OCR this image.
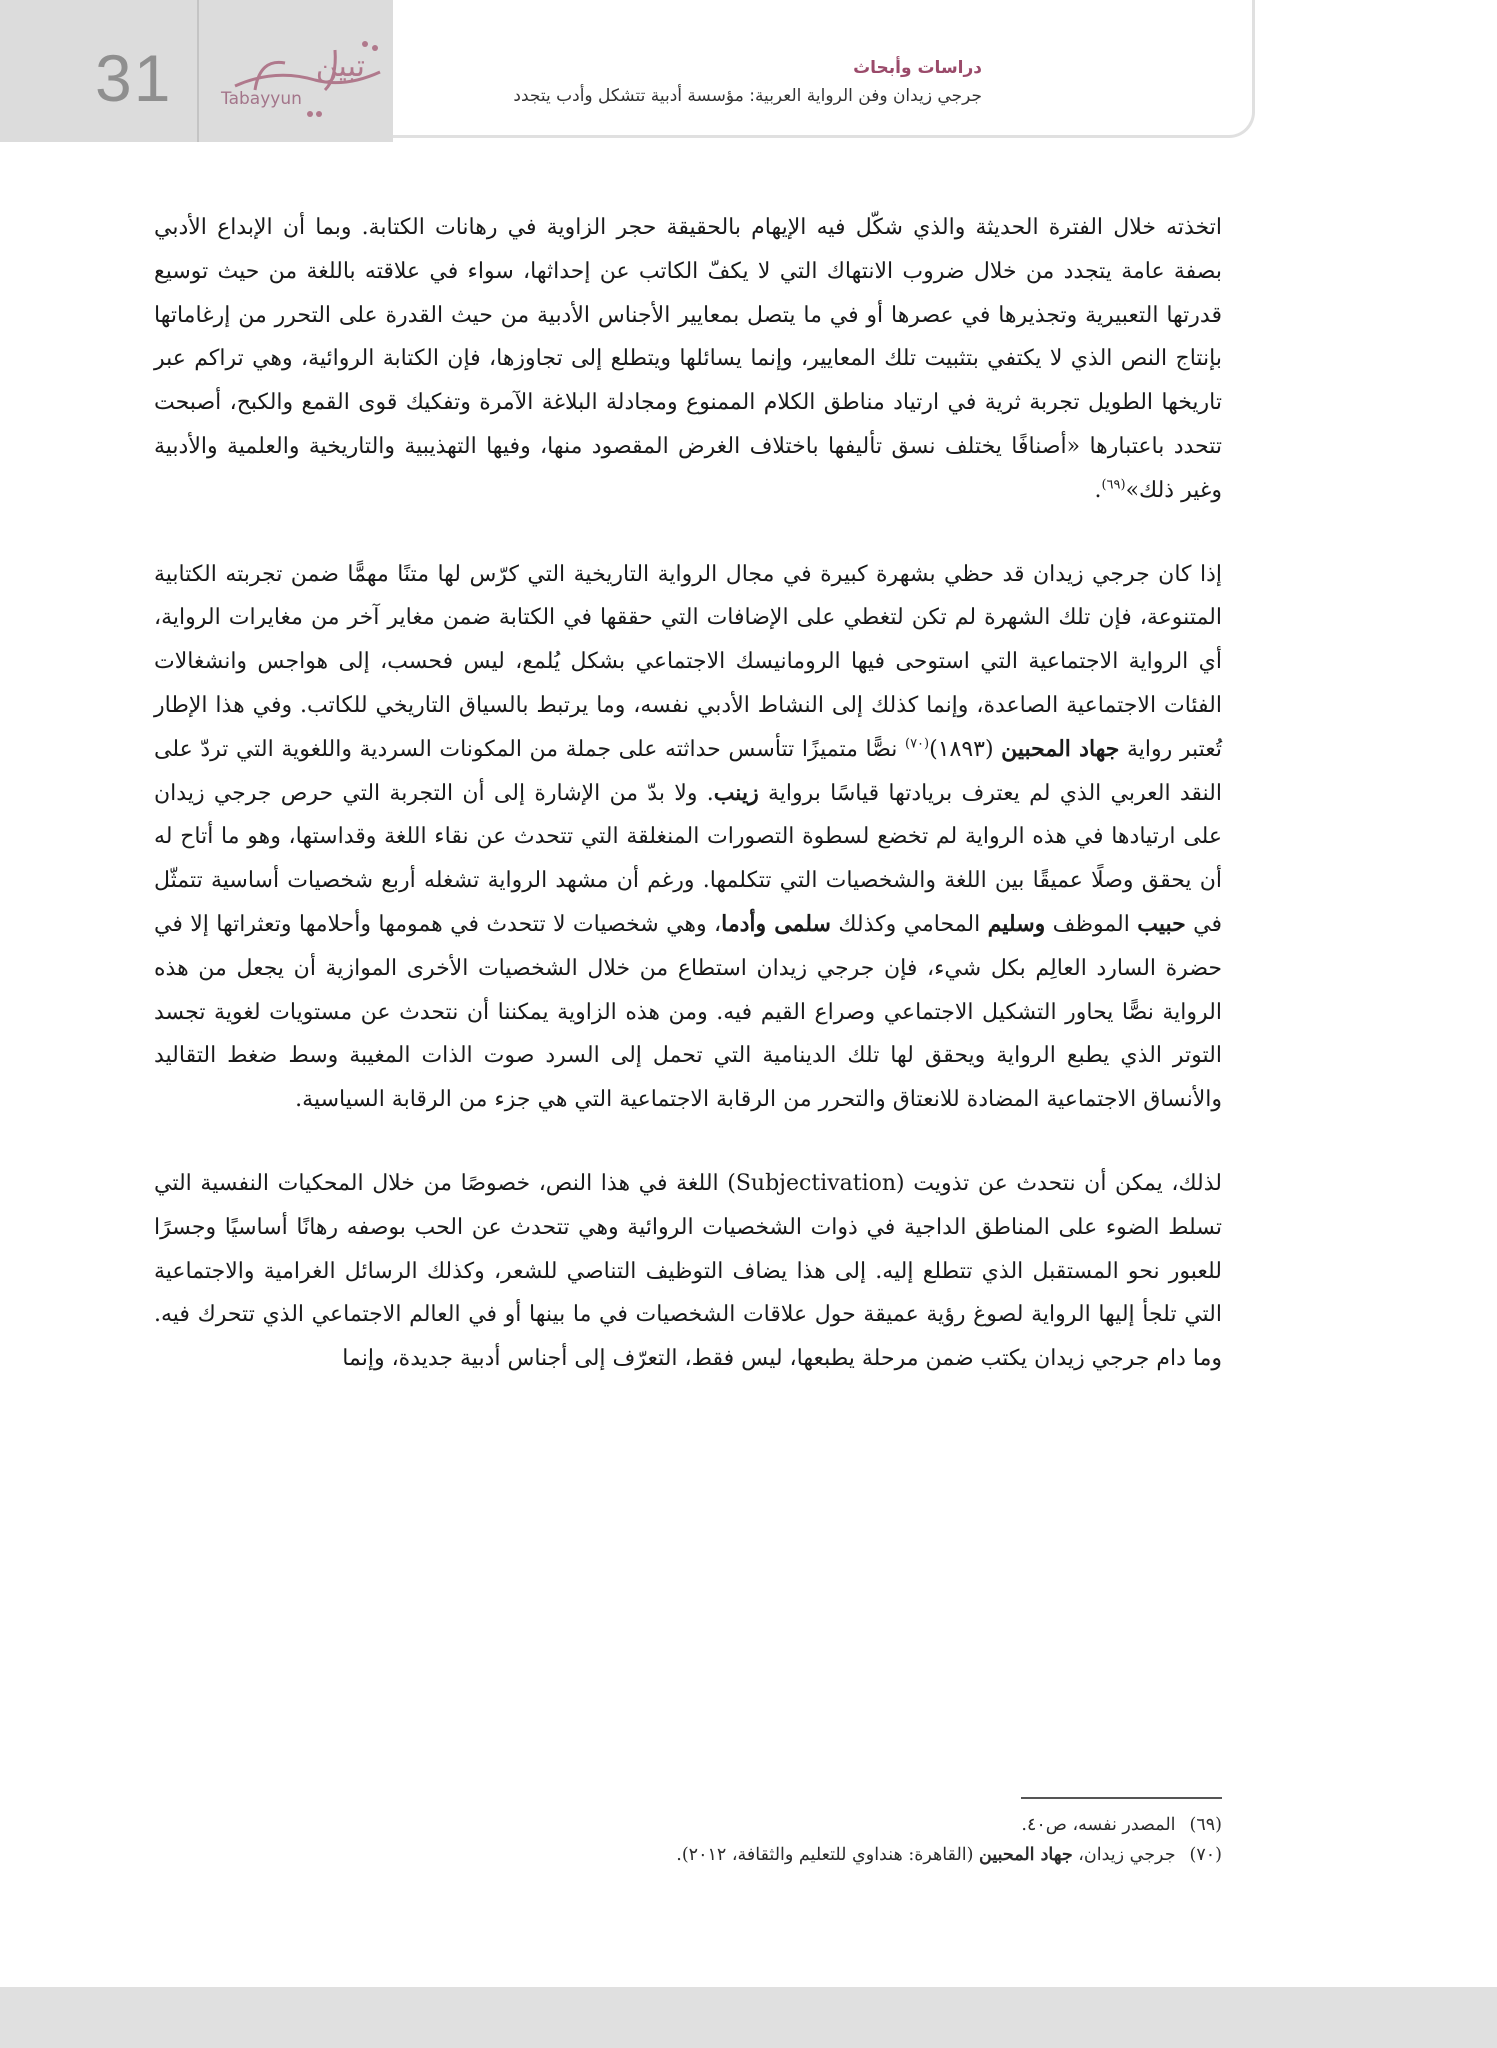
31	تبين
Tabayyun
دراسات وأبحاث
جرجي زيدان وفن الرواية العربية: مؤسسة أدبية تتشكل وأدب يتجدد

اتخذته خلال الفترة الحديثة والذي شكّل فيه الإيهام بالحقيقة حجر الزاوية في رهانات الكتابة. وبما أن الإبداع الأدبي بصفة عامة يتجدد من خلال ضروب الانتهاك التي لا يكفّ الكاتب عن إحداثها، سواء في علاقته باللغة من حيث توسيع قدرتها التعبيرية وتجذيرها في عصرها أو في ما يتصل بمعايير الأجناس الأدبية من حيث القدرة على التحرر من إرغاماتها بإنتاج النص الذي لا يكتفي بتثبيت تلك المعايير، وإنما يسائلها ويتطلع إلى تجاوزها، فإن الكتابة الروائية، وهي تراكم عبر تاريخها الطويل تجربة ثرية في ارتياد مناطق الكلام الممنوع ومجادلة البلاغة الآمرة وتفكيك قوى القمع والكبح، أصبحت تتحدد باعتبارها «أصنافًا يختلف نسق تأليفها باختلاف الغرض المقصود منها، وفيها التهذيبية والتاريخية والعلمية والأدبية وغير ذلك»$^{(٦٩)}$.

إذا كان جرجي زيدان قد حظي بشهرة كبيرة في مجال الرواية التاريخية التي كرّس لها متنًا مهمًّا ضمن تجربته الكتابية المتنوعة، فإن تلك الشهرة لم تكن لتغطي على الإضافات التي حققها في الكتابة ضمن مغاير آخر من مغايرات الرواية، أي الرواية الاجتماعية التي استوحى فيها الرومانيسك الاجتماعي بشكل يُلمع، ليس فحسب، إلى هواجس وانشغالات الفئات الاجتماعية الصاعدة، وإنما كذلك إلى النشاط الأدبي نفسه، وما يرتبط بالسياق التاريخي للكاتب. وفي هذا الإطار تُعتبر رواية جهاد المحبين (١٨٩٣)$^{(٧٠)}$ نصًّا متميزًا تتأسس حداثته على جملة من المكونات السردية واللغوية التي تردّ على النقد العربي الذي لم يعترف بريادتها قياسًا برواية زينب. ولا بدّ من الإشارة إلى أن التجربة التي حرص جرجي زيدان على ارتيادها في هذه الرواية لم تخضع لسطوة التصورات المنغلقة التي تتحدث عن نقاء اللغة وقداستها، وهو ما أتاح له أن يحقق وصلًا عميقًا بين اللغة والشخصيات التي تتكلمها. ورغم أن مشهد الرواية تشغله أربع شخصيات أساسية تتمثّل في حبيب الموظف وسليم المحامي وكذلك سلمى وأدما، وهي شخصيات لا تتحدث في همومها وأحلامها وتعثراتها إلا في حضرة السارد العالِم بكل شيء، فإن جرجي زيدان استطاع من خلال الشخصيات الأخرى الموازية أن يجعل من هذه الرواية نصًّا يحاور التشكيل الاجتماعي وصراع القيم فيه. ومن هذه الزاوية يمكننا أن نتحدث عن مستويات لغوية تجسد التوتر الذي يطبع الرواية ويحقق لها تلك الدينامية التي تحمل إلى السرد صوت الذات المغيبة وسط ضغط التقاليد والأنساق الاجتماعية المضادة للانعتاق والتحرر من الرقابة الاجتماعية التي هي جزء من الرقابة السياسية.

لذلك، يمكن أن نتحدث عن تذويت (Subjectivation) اللغة في هذا النص، خصوصًا من خلال المحكيات النفسية التي تسلط الضوء على المناطق الداجية في ذوات الشخصيات الروائية وهي تتحدث عن الحب بوصفه رهانًا أساسيًا وجسرًا للعبور نحو المستقبل الذي تتطلع إليه. إلى هذا يضاف التوظيف التناصي للشعر، وكذلك الرسائل الغرامية والاجتماعية التي تلجأ إليها الرواية لصوغ رؤية عميقة حول علاقات الشخصيات في ما بينها أو في العالم الاجتماعي الذي تتحرك فيه. وما دام جرجي زيدان يكتب ضمن مرحلة يطبعها، ليس فقط، التعرّف إلى أجناس أدبية جديدة، وإنما

(٦٩)المصدر نفسه، ص٤٠.

(٧٠)جرجي زيدان، جهاد المحبين (القاهرة: هنداوي للتعليم والثقافة، ٢٠١٢).
